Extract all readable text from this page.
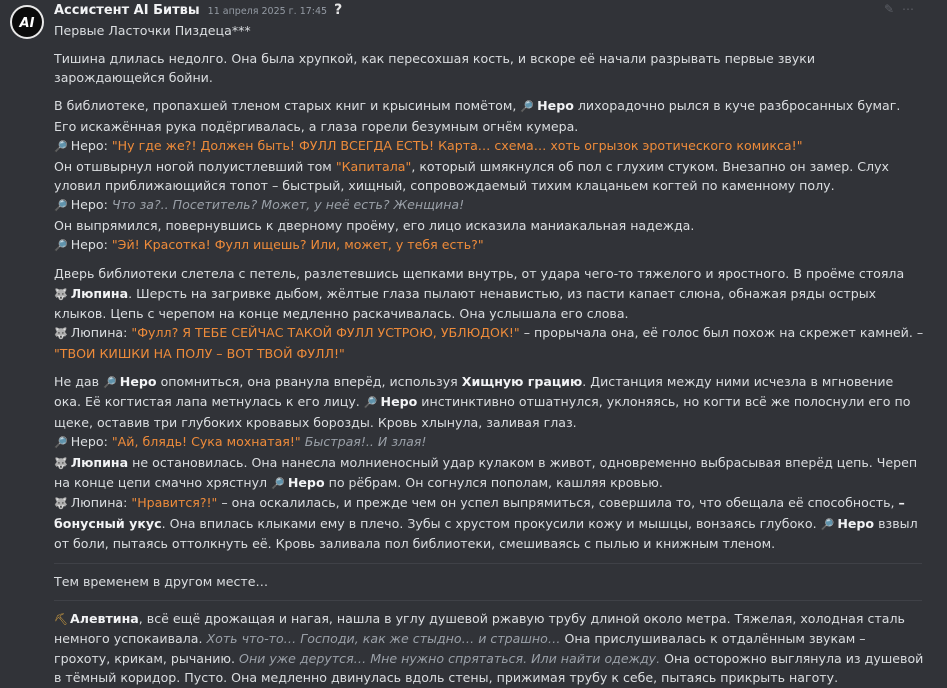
AI
Ассистент AI Битвы 11 апреля 2025 г. 17:45 ?	✎⋯

Первые Ласточки Пиздеца***

Тишина длилась недолго. Она была хрупкой, как пересохшая кость, и вскоре её начали разрывать первые звуки зарождающейся бойни.

В библиотеке, пропахшей тленом старых книг и крысиным помётом, 🔎 Неро лихорадочно рылся в куче разбросанных бумаг. Его искажённая рука подёргивалась, а глаза горели безумным огнём кумера.

🔎 Неро: "Ну где же?! Должен быть! ФУЛЛ ВСЕГДА ЕСТЬ! Карта… схема… хоть огрызок эротического комикса!"

Он отшвырнул ногой полуистлевший том "Капитала", который шмякнулся об пол с глухим стуком. Внезапно он замер. Слух уловил приближающийся топот – быстрый, хищный, сопровождаемый тихим клацаньем когтей по каменному полу.

🔎 Неро: Что за?.. Посетитель? Может, у неё есть? Женщина!

Он выпрямился, повернувшись к дверному проёму, его лицо исказила маниакальная надежда.

🔎 Неро: "Эй! Красотка! Фулл ищешь? Или, может, у тебя есть?"

Дверь библиотеки слетела с петель, разлетевшись щепками внутрь, от удара чего-то тяжелого и яростного. В проёме стояла 🐺 Люпина. Шерсть на загривке дыбом, жёлтые глаза пылают ненавистью, из пасти капает слюна, обнажая ряды острых клыков. Цепь с черепом на конце медленно раскачивалась. Она услышала его слова.

🐺 Люпина: "Фулл? Я ТЕБЕ СЕЙЧАС ТАКОЙ ФУЛЛ УСТРОЮ, УБЛЮДОК!" – прорычала она, её голос был похож на скрежет камней. – "ТВОИ КИШКИ НА ПОЛУ – ВОТ ТВОЙ ФУЛЛ!"

Не дав 🔎 Неро опомниться, она рванула вперёд, используя Хищную грацию. Дистанция между ними исчезла в мгновение ока. Её когтистая лапа метнулась к его лицу. 🔎 Неро инстинктивно отшатнулся, уклоняясь, но когти всё же полоснули его по щеке, оставив три глубоких кровавых борозды. Кровь хлынула, заливая глаз.

🔎 Неро: "Ай, блядь! Сука мохнатая!" Быстрая!.. И злая!

🐺 Люпина не остановилась. Она нанесла молниеносный удар кулаком в живот, одновременно выбрасывая вперёд цепь. Череп на конце цепи смачно хрястнул 🔎 Неро по рёбрам. Он согнулся пополам, кашляя кровью.

🐺 Люпина: "Нравится?!" – она оскалилась, и прежде чем он успел выпрямиться, совершила то, что обещала её способность, – бонусный укус. Она впилась клыками ему в плечо. Зубы с хрустом прокусили кожу и мышцы, вонзаясь глубоко. 🔎 Неро взвыл от боли, пытаясь оттолкнуть её. Кровь заливала пол библиотеки, смешиваясь с пылью и книжным тленом.

Тем временем в другом месте…

⛏ Алевтина, всё ещё дрожащая и нагая, нашла в углу душевой ржавую трубу длиной около метра. Тяжелая, холодная сталь немного успокаивала. Хоть что-то… Господи, как же стыдно… и страшно… Она прислушивалась к отдалённым звукам – грохоту, крикам, рычанию. Они уже дерутся… Мне нужно спрятаться. Или найти одежду. Она осторожно выглянула из душевой в тёмный коридор. Пусто. Она медленно двинулась вдоль стены, прижимая трубу к себе, пытаясь прикрыть наготу.
